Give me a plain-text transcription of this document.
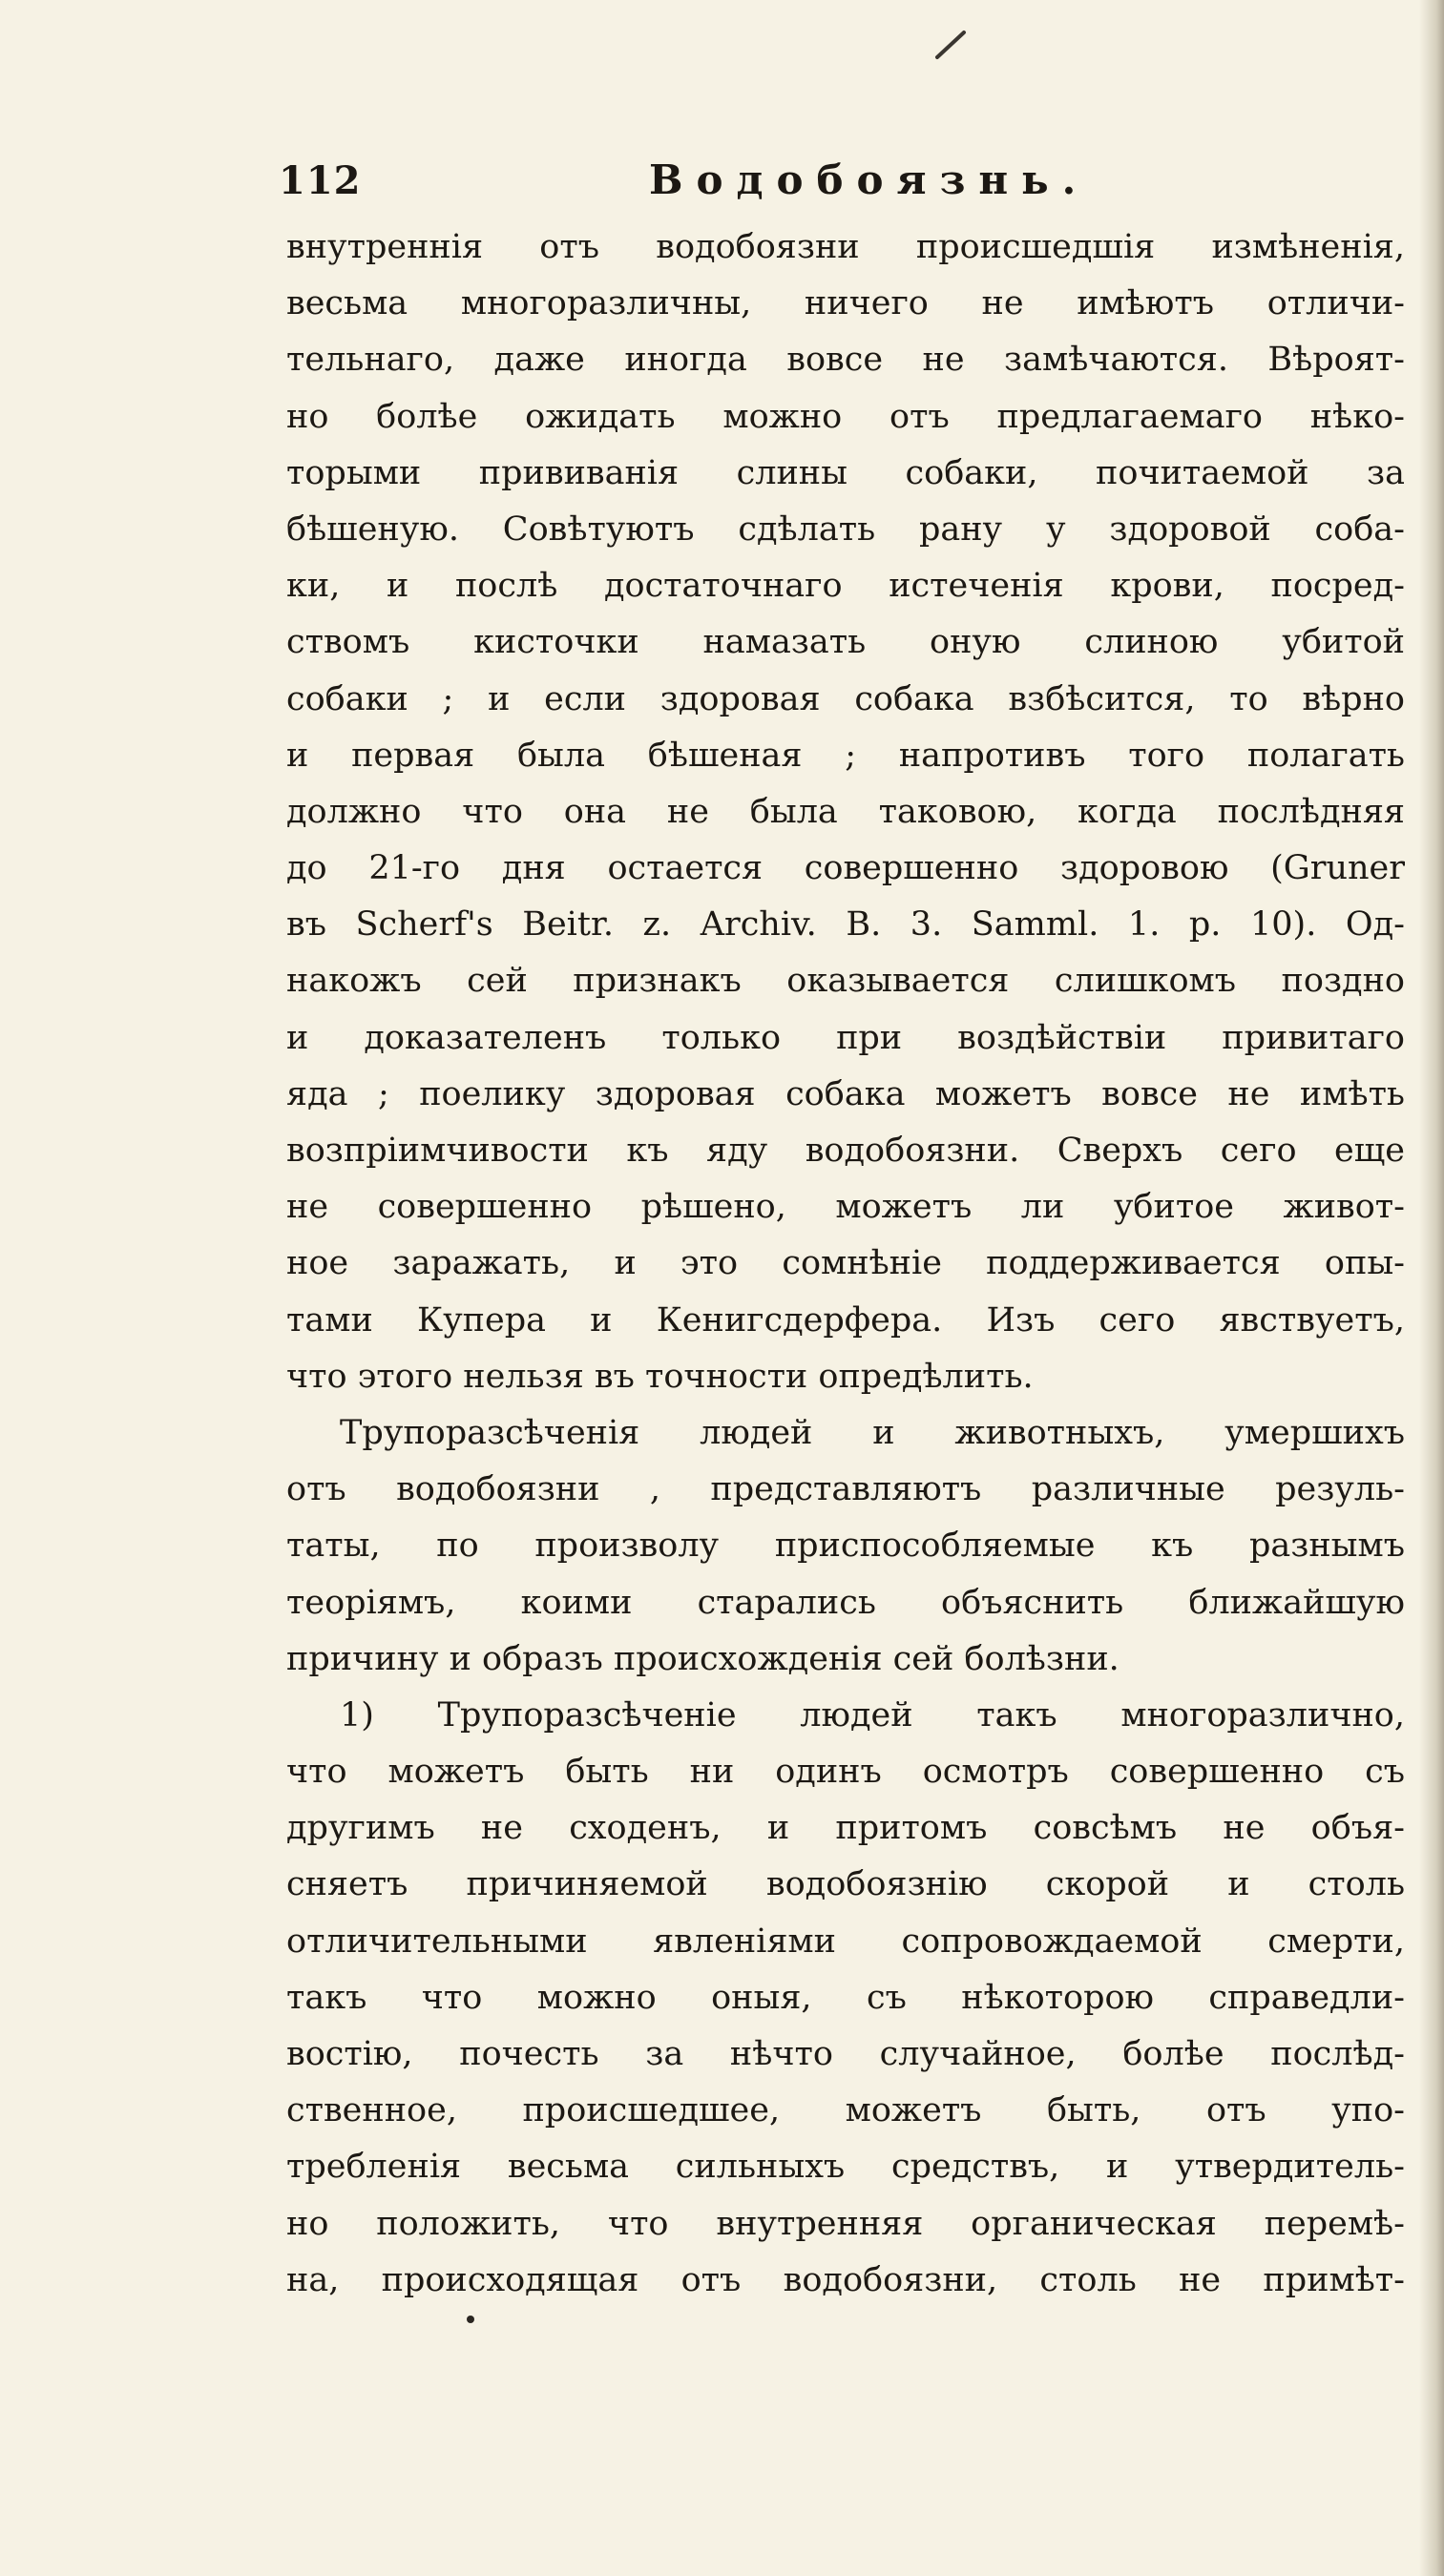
112	Водобоязнь.
внутреннія отъ водобоязни происшедшія измѣненія,
весьма многоразличны, ничего не имѣютъ отличи-
тельнаго, даже иногда вовсе не замѣчаются. Вѣроят-
но болѣе ожидать можно отъ предлагаемаго нѣко-
торыми прививанія слины собаки, почитаемой за
бѣшеную. Совѣтуютъ сдѣлать рану у здоровой соба-
ки, и послѣ достаточнаго истеченія крови, посред-
ствомъ кисточки намазать оную слиною убитой
собаки ; и если здоровая собака взбѣсится, то вѣрно
и первая была бѣшеная ; напротивъ того полагать
должно что она не была таковою, когда послѣдняя
до 21-го дня остается совершенно здоровою (Gruner
въ Scherf's Beitr. z. Archiv. B. 3. Samml. 1. p. 10). Од-
накожъ сей признакъ оказывается слишкомъ поздно
и доказателенъ только при воздѣйствіи привитаго
яда ; поелику здоровая собака можетъ вовсе не имѣть
возпріимчивости къ яду водобоязни. Сверхъ сего еще
не совершенно рѣшено, можетъ ли убитое живот-
ное заражать, и это сомнѣніе поддерживается опы-
тами Купера и Кенигсдерфера. Изъ сего явствуетъ,
что этого нельзя въ точности опредѣлить.
Трупоразсѣченія людей и животныхъ, умершихъ
отъ водобоязни , представляютъ различные резуль-
таты, по произволу приспособляемые къ разнымъ
теоріямъ, коими старались объяснить ближайшую
причину и образъ происхожденія сей болѣзни.
1) Трупоразсѣченіе людей такъ многоразлично,
что можетъ быть ни одинъ осмотръ совершенно съ
другимъ не сходенъ, и притомъ совсѣмъ не объя-
сняетъ причиняемой водобоязнію скорой и столь
отличительными явленіями сопровождаемой смерти,
такъ что можно оныя, съ нѣкоторою справедли-
востію, почесть за нѣчто случайное, болѣе послѣд-
ственное, происшедшее, можетъ быть, отъ упо-
требленія весьма сильныхъ средствъ, и утвердитель-
но положить, что внутренняя органическая перемѣ-
на, происходящая отъ водобоязни, столь не примѣт-
